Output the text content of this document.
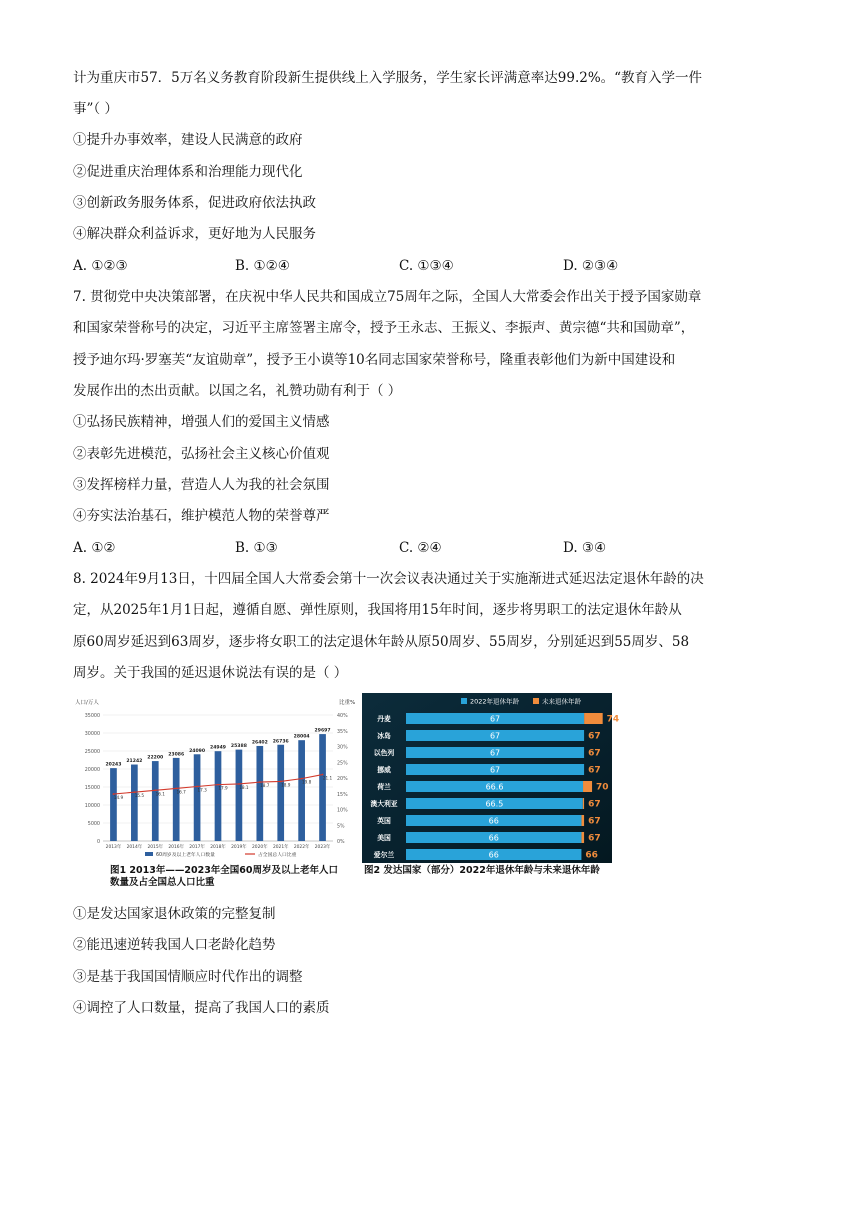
计为重庆市57．5万名义务教育阶段新生提供线上入学服务，学生家长评满意率达99.2%。“教育入学一件
事”（ ）
①提升办事效率，建设人民满意的政府
②促进重庆治理体系和治理能力现代化
③创新政务服务体系，促进政府依法执政
④解决群众利益诉求，更好地为人民服务
A. ①②③	B. ①②④	C. ①③④	D. ②③④
7. 贯彻党中央决策部署，在庆祝中华人民共和国成立75周年之际，全国人大常委会作出关于授予国家勋章
和国家荣誉称号的决定，习近平主席签署主席令，授予王永志、王振义、李振声、黄宗德“共和国勋章”，
授予迪尔玛·罗塞芙“友谊勋章”，授予王小谟等10名同志国家荣誉称号，隆重表彰他们为新中国建设和
发展作出的杰出贡献。以国之名，礼赞功勋有利于（ ）
①弘扬民族精神，增强人们的爱国主义情感
②表彰先进模范，弘扬社会主义核心价值观
③发挥榜样力量，营造人人为我的社会氛围
④夯实法治基石，维护模范人物的荣誉尊严
A. ①②	B. ①③	C. ②④	D. ③④
8. 2024年9月13日，十四届全国人大常委会第十一次会议表决通过关于实施渐进式延迟法定退休年龄的决
定，从2025年1月1日起，遵循自愿、弹性原则，我国将用15年时间，逐步将男职工的法定退休年龄从
原60周岁延迟到63周岁，逐步将女职工的法定退休年龄从原50周岁、55周岁，分别延迟到55周岁、58
周岁。关于我国的延迟退休说法有误的是（ ）
人口/万人	比重%
0
5000
10000
15000
20000
25000
30000
35000
0%
5%
10%
15%
20%
25%
30%
35%
40%
20243
2013年
21242
2014年
22200
2015年
23086
2016年
24090
2017年
24949
2018年
25388
2019年
26402
2020年
26736
2021年
28004
2022年
29697
2023年
14.9	15.5	16.1	16.7	17.3	17.9	18.1	18.7	18.9
19.8
21.1
60周岁及以上老年人口数量	占全国总人口比重
图1 2013年——2023年全国60周岁及以上老年人口
数量及占全国总人口比重
2022年退休年龄	未来退休年龄
丹麦	67	74
冰岛	67	67
以色列	67	67
挪威	67	67
荷兰	66.6	70
澳大利亚	66.5	67
英国	66	67
美国	66	67
爱尔兰	66	66
图2 发达国家（部分）2022年退休年龄与未来退休年龄
①是发达国家退休政策的完整复制
②能迅速逆转我国人口老龄化趋势
③是基于我国国情顺应时代作出的调整
④调控了人口数量，提高了我国人口的素质
